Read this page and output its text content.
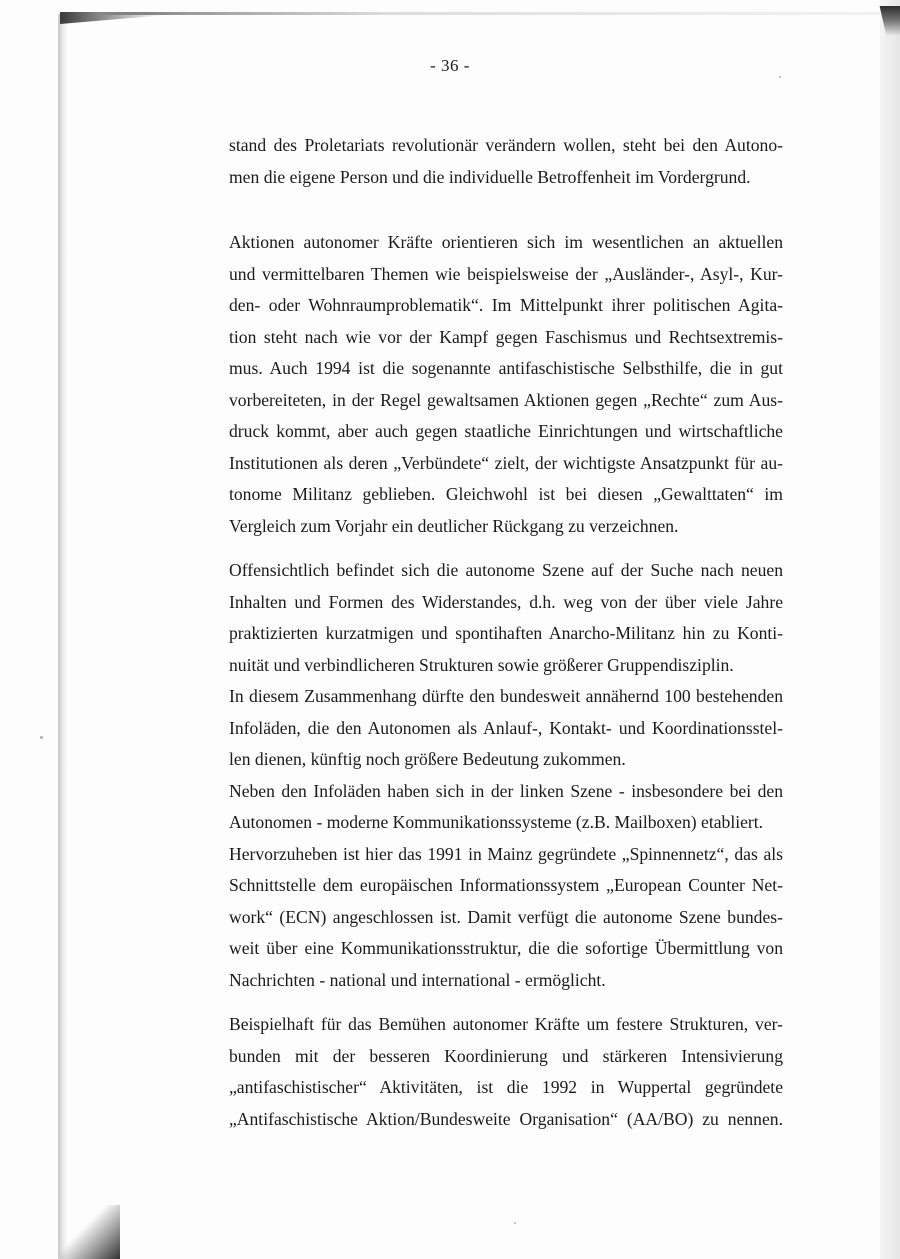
- 36 -
stand des Proletariats revolutionär verändern wollen, steht bei den Autono-
men die eigene Person und die individuelle Betroffenheit im Vordergrund.
Aktionen autonomer Kräfte orientieren sich im wesentlichen an aktuellen
und vermittelbaren Themen wie beispielsweise der „Ausländer-, Asyl-, Kur-
den- oder Wohnraumproblematik“. Im Mittelpunkt ihrer politischen Agita-
tion steht nach wie vor der Kampf gegen Faschismus und Rechtsextremis-
mus. Auch 1994 ist die sogenannte antifaschistische Selbsthilfe, die in gut
vorbereiteten, in der Regel gewaltsamen Aktionen gegen „Rechte“ zum Aus-
druck kommt, aber auch gegen staatliche Einrichtungen und wirtschaftliche
Institutionen als deren „Verbündete“ zielt, der wichtigste Ansatzpunkt für au-
tonome Militanz geblieben. Gleichwohl ist bei diesen „Gewalttaten“ im
Vergleich zum Vorjahr ein deutlicher Rückgang zu verzeichnen.
Offensichtlich befindet sich die autonome Szene auf der Suche nach neuen
Inhalten und Formen des Widerstandes, d.h. weg von der über viele Jahre
praktizierten kurzatmigen und spontihaften Anarcho-Militanz hin zu Konti-
nuität und verbindlicheren Strukturen sowie größerer Gruppendisziplin.
In diesem Zusammenhang dürfte den bundesweit annähernd 100 bestehenden
Infoläden, die den Autonomen als Anlauf-, Kontakt- und Koordinationsstel-
len dienen, künftig noch größere Bedeutung zukommen.
Neben den Infoläden haben sich in der linken Szene - insbesondere bei den
Autonomen - moderne Kommunikationssysteme (z.B. Mailboxen) etabliert.
Hervorzuheben ist hier das 1991 in Mainz gegründete „Spinnennetz“, das als
Schnittstelle dem europäischen Informationssystem „European Counter Net-
work“ (ECN) angeschlossen ist. Damit verfügt die autonome Szene bundes-
weit über eine Kommunikationsstruktur, die die sofortige Übermittlung von
Nachrichten - national und international - ermöglicht.
Beispielhaft für das Bemühen autonomer Kräfte um festere Strukturen, ver-
bunden mit der besseren Koordinierung und stärkeren Intensivierung
„antifaschistischer“ Aktivitäten, ist die 1992 in Wuppertal gegründete
„Antifaschistische Aktion/Bundesweite Organisation“ (AA/BO) zu nennen.
